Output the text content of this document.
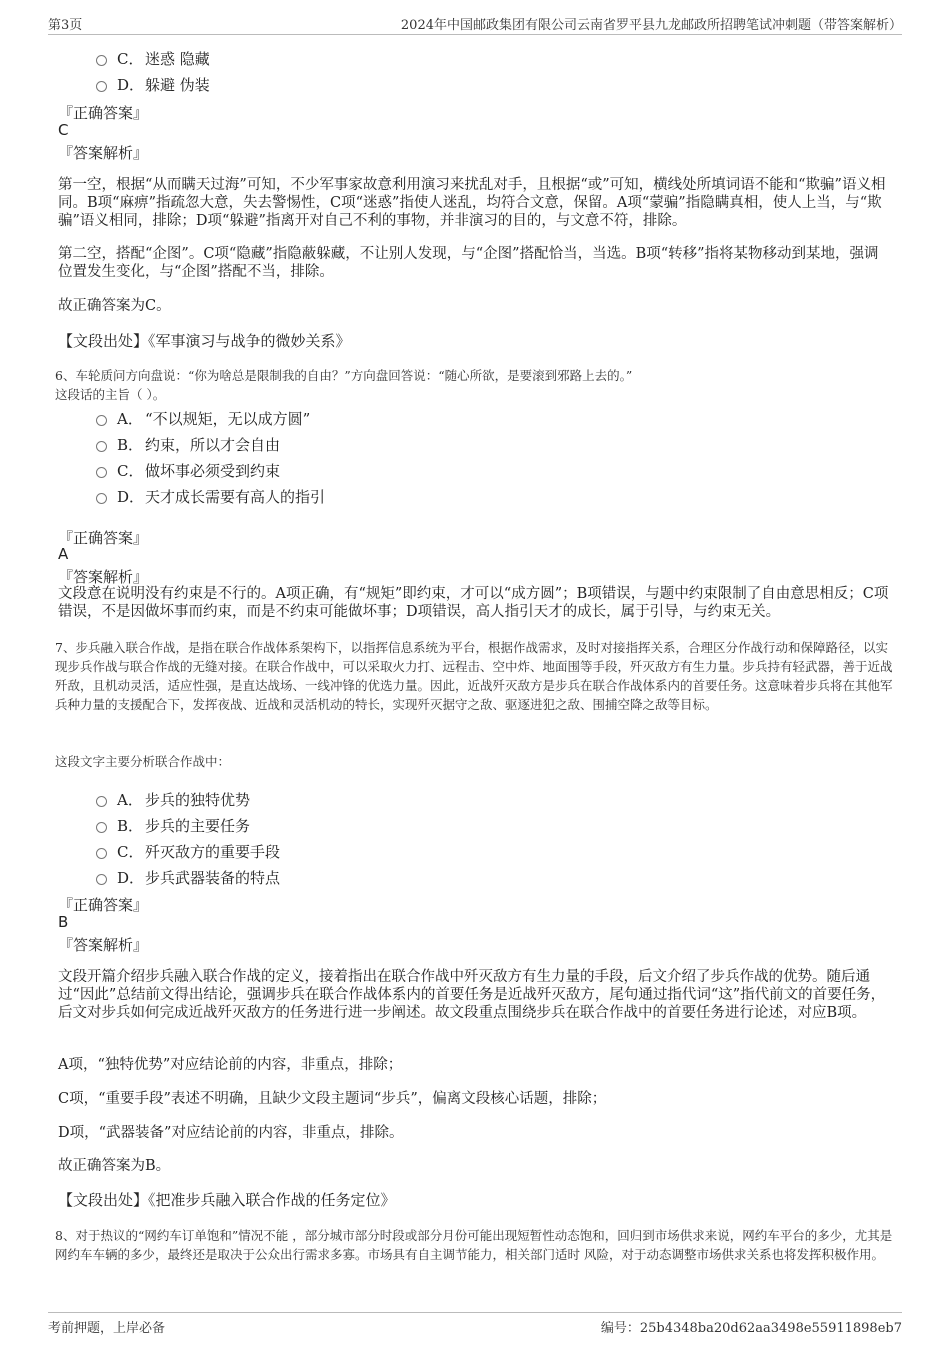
第3页	2024年中国邮政集团有限公司云南省罗平县九龙邮政所招聘笔试冲刺题（带答案解析）
C． 迷惑 隐藏
D． 躲避 伪装
『正确答案』
C
『答案解析』
第一空，根据“从而瞒天过海”可知，不少军事家故意利用演习来扰乱对手，且根据“或”可知，横线处所填词语不能和“欺骗”语义相同。B项“麻痹”指疏忽大意，失去警惕性，C项“迷惑”指使人迷乱，均符合文意，保留。A项“蒙骗”指隐瞒真相，使人上当，与“欺骗”语义相同，排除；D项“躲避”指离开对自己不利的事物，并非演习的目的，与文意不符，排除。
第二空，搭配“企图”。C项“隐藏”指隐蔽躲藏，不让别人发现，与“企图”搭配恰当，当选。B项“转移”指将某物移动到某地，强调位置发生变化，与“企图”搭配不当，排除。
故正确答案为C。
【文段出处】《军事演习与战争的微妙关系》
6、车轮质问方向盘说：“你为啥总是限制我的自由？”方向盘回答说：“随心所欲，是要滚到邪路上去的。”
这段话的主旨（ ）。
A． “不以规矩，无以成方圆”
B． 约束，所以才会自由
C． 做坏事必须受到约束
D． 天才成长需要有高人的指引
『正确答案』
A
『答案解析』
文段意在说明没有约束是不行的。A项正确，有“规矩”即约束，才可以“成方圆”；B项错误，与题中约束限制了自由意思相反；C项错误，不是因做坏事而约束，而是不约束可能做坏事；D项错误，高人指引天才的成长，属于引导，与约束无关。
7、步兵融入联合作战，是指在联合作战体系架构下，以指挥信息系统为平台，根据作战需求，及时对接指挥关系，合理区分作战行动和保障路径，以实现步兵作战与联合作战的无缝对接。在联合作战中，可以采取火力打、远程击、空中炸、地面围等手段，歼灭敌方有生力量。步兵持有轻武器，善于近战歼敌，且机动灵活，适应性强，是直达战场、一线冲锋的优选力量。因此，近战歼灭敌方是步兵在联合作战体系内的首要任务。这意味着步兵将在其他军兵种力量的支援配合下，发挥夜战、近战和灵活机动的特长，实现歼灭据守之敌、驱逐进犯之敌、围捕空降之敌等目标。
这段文字主要分析联合作战中：
A． 步兵的独特优势
B． 步兵的主要任务
C． 歼灭敌方的重要手段
D． 步兵武器装备的特点
『正确答案』
B
『答案解析』
文段开篇介绍步兵融入联合作战的定义，接着指出在联合作战中歼灭敌方有生力量的手段，后文介绍了步兵作战的优势。随后通过“因此”总结前文得出结论，强调步兵在联合作战体系内的首要任务是近战歼灭敌方，尾句通过指代词“这”指代前文的首要任务，后文对步兵如何完成近战歼灭敌方的任务进行进一步阐述。故文段重点围绕步兵在联合作战中的首要任务进行论述，对应B项。
A项，“独特优势”对应结论前的内容，非重点，排除；
C项，“重要手段”表述不明确，且缺少文段主题词“步兵”，偏离文段核心话题，排除；
D项，“武器装备”对应结论前的内容，非重点，排除。
故正确答案为B。
【文段出处】《把准步兵融入联合作战的任务定位》
8、对于热议的“网约车订单饱和”情况不能 ，部分城市部分时段或部分月份可能出现短暂性动态饱和，回归到市场供求来说，网约车平台的多少，尤其是网约车车辆的多少，最终还是取决于公众出行需求多寡。市场具有自主调节能力，相关部门适时 风险，对于动态调整市场供求关系也将发挥积极作用。
考前押题，上岸必备	编号：25b4348ba20d62aa3498e55911898eb7
